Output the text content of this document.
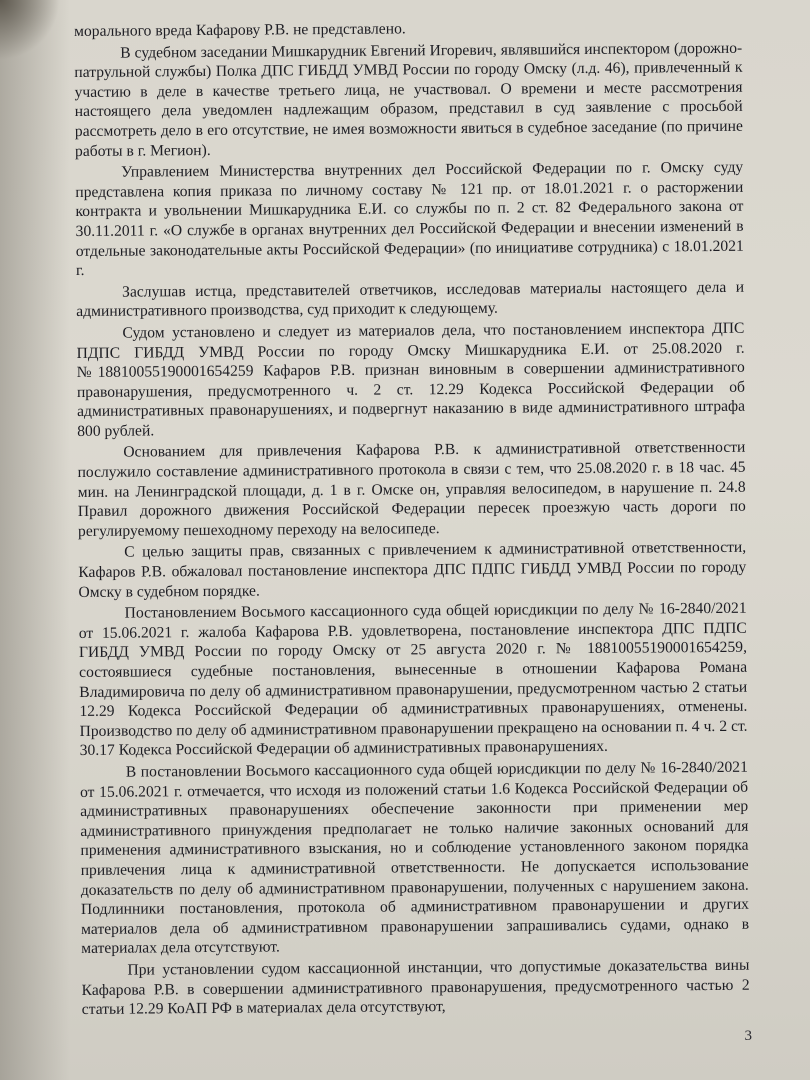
морального вреда Кафарову Р.В. не представлено.

В судебном заседании Мишкарудник Евгений Игоревич, являвшийся инспектором (дорожно-патрульной службы) Полка ДПС ГИБДД УМВД России по городу Омску (л.д. 46), привлеченный к участию в деле в качестве третьего лица, не участвовал. О времени и месте рассмотрения настоящего дела уведомлен надлежащим образом, представил в суд заявление с просьбой рассмотреть дело в его отсутствие, не имея возможности явиться в судебное заседание (по причине работы в г. Мегион).

Управлением Министерства внутренних дел Российской Федерации по г. Омску суду представлена копия приказа по личному составу № 121 пр. от 18.01.2021 г. о расторжении контракта и увольнении Мишкарудника Е.И. со службы по п. 2 ст. 82 Федерального закона от 30.11.2011 г. «О службе в органах внутренних дел Российской Федерации и внесении изменений в отдельные законодательные акты Российской Федерации» (по инициативе сотрудника) с 18.01.2021 г.

Заслушав истца, представителей ответчиков, исследовав материалы настоящего дела и административного производства, суд приходит к следующему.

Судом установлено и следует из материалов дела, что постановлением инспектора ДПС ПДПС ГИБДД УМВД России по городу Омску Мишкарудника Е.И. от 25.08.2020 г. №18810055190001654259 Кафаров Р.В. признан виновным в совершении административного правонарушения, предусмотренного ч. 2 ст. 12.29 Кодекса Российской Федерации об административных правонарушениях, и подвергнут наказанию в виде административного штрафа 800 рублей.

Основанием для привлечения Кафарова Р.В. к административной ответственности послужило составление административного протокола в связи с тем, что 25.08.2020 г. в 18 час. 45 мин. на Ленинградской площади, д. 1 в г. Омске он, управляя велосипедом, в нарушение п. 24.8 Правил дорожного движения Российской Федерации пересек проезжую часть дороги по регулируемому пешеходному переходу на велосипеде.

С целью защиты прав, связанных с привлечением к административной ответственности, Кафаров Р.В. обжаловал постановление инспектора ДПС ПДПС ГИБДД УМВД России по городу Омску в судебном порядке.

Постановлением Восьмого кассационного суда общей юрисдикции по делу № 16-2840/2021 от 15.06.2021 г. жалоба Кафарова Р.В. удовлетворена, постановление инспектора ДПС ПДПС ГИБДД УМВД России по городу Омску от 25 августа 2020 г. № 18810055190001654259, состоявшиеся судебные постановления, вынесенные в отношении Кафарова Романа Владимировича по делу об административном правонарушении, предусмотренном частью 2 статьи 12.29 Кодекса Российской Федерации об административных правонарушениях, отменены. Производство по делу об административном правонарушении прекращено на основании п. 4 ч. 2 ст. 30.17 Кодекса Российской Федерации об административных правонарушениях.

В постановлении Восьмого кассационного суда общей юрисдикции по делу № 16-2840/2021 от 15.06.2021 г. отмечается, что исходя из положений статьи 1.6 Кодекса Российской Федерации об административных правонарушениях обеспечение законности при применении мер административного принуждения предполагает не только наличие законных оснований для применения административного взыскания, но и соблюдение установленного законом порядка привлечения лица к административной ответственности. Не допускается использование доказательств по делу об административном правонарушении, полученных с нарушением закона. Подлинники постановления, протокола об административном правонарушении и других материалов дела об административном правонарушении запрашивались судами, однако в материалах дела отсутствуют.

При установлении судом кассационной инстанции, что допустимые доказательства вины Кафарова Р.В. в совершении административного правонарушения, предусмотренного частью 2 статьи 12.29 КоАП РФ в материалах дела отсутствуют,

3
